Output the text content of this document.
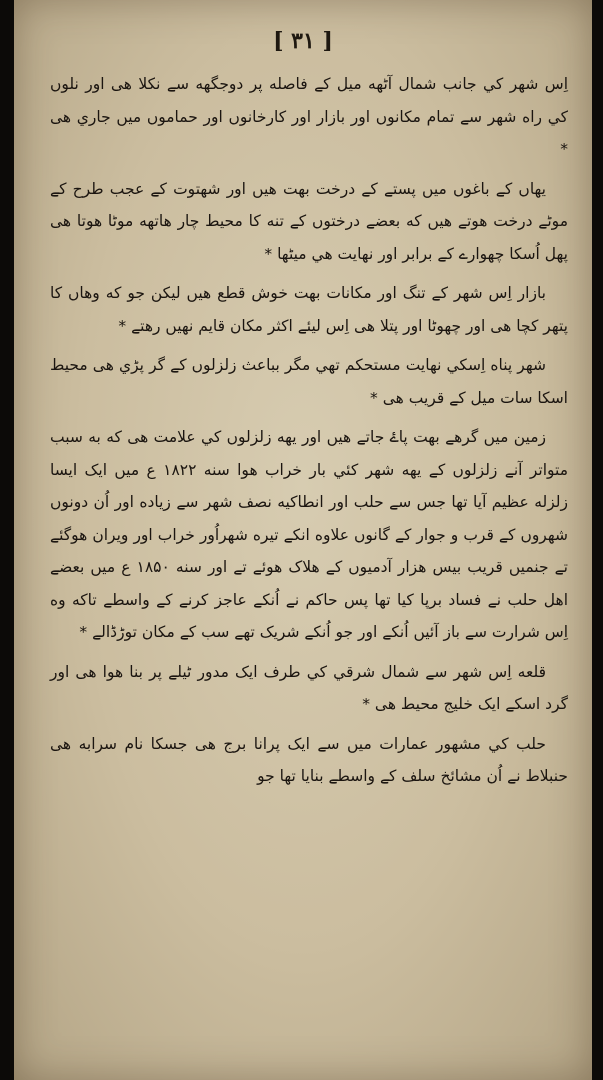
[ ٣١ ]

اِس شهر کي جانب شمال آٹهه میل کے فاصله پر دوجگهه سے نکلا هی اور نلوں کي راه شهر سے تمام مکانوں اور بازار اور کارخانوں اور حماموں میں جاري هی *

یهاں کے باغوں میں پستے کے درخت بهت هیں اور شهتوت کے عجب طرح کے موٹے درخت هوتے هیں که بعضے درختوں کے تنه کا محیط چار هاتهه موٹا هوتا هی پهل اُسکا چهوارے کے برابر اور نهایت هي میٹها *

بازار اِس شهر کے تنگ اور مکانات بهت خوش قطع هیں لیکن جو که وهاں کا پتهر کچا هی اور چهوٹا اور پتلا هی اِس لیئے اکثر مکان قایم نهیں رهتے *

شهر پناه اِسکي نهایت مستحکم تهي مگر بباعث زلزلوں کے گر پڑي هی محیط اسکا سات میل کے قریب هی *

زمین میں گرهے بهت پاۓ جاتے هیں اور یهه زلزلوں کي علامت هی که به سبب متواتر آنے زلزلوں کے یهه شهر کئي بار خراب هوا سنه ۱۸۲۲ ع میں ایک ایسا زلزله عظیم آیا تها جس سے حلب اور انطاکیه نصف شهر سے زیاده اور اُن دونوں شهروں کے قرب و جوار کے گانوں علاوه انکے تیره شهراُور خراب اور ویران هوگئے تے جنمیں قریب بیس هزار آدمیوں کے هلاک هوئے تے اور سنه ۱۸۵۰ ع میں بعضے اهل حلب نے فساد برپا کیا تها پس حاکم نے اُنکے عاجز کرنے کے واسطے تاکه وه اِس شرارت سے باز آئیں اُنکے اور جو اُنکے شریک تهے سب کے مکان توڑڈالے *

قلعه اِس شهر سے شمال شرقي کي طرف ایک مدور ٹیلے پر بنا هوا هی اور گرد اسکے ایک خلیج محیط هی *

حلب کي مشهور عمارات میں سے ایک پرانا برج هی جسکا نام سرابه هی حنبلاط نے اُن مشائخ سلف کے واسطے بنایا تها جو
